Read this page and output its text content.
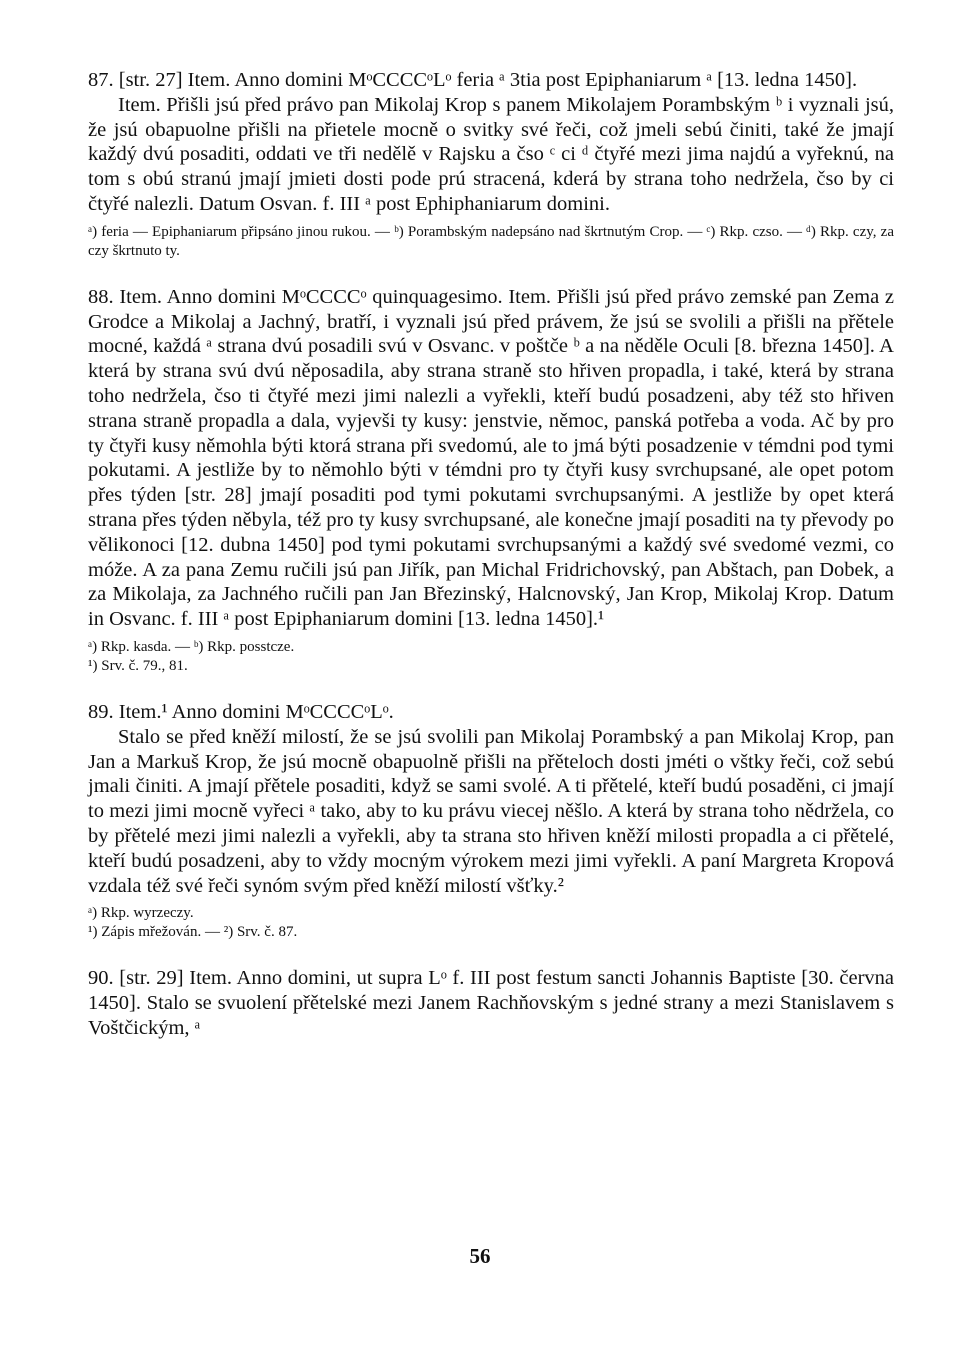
87. [str. 27] Item. Anno domini MᵒCCCCᵒLᵒ feria ᵃ 3tia post Epiphaniarum ᵃ [13. ledna 1450].

Item. Přišli jsú před právo pan Mikolaj Krop s panem Mikolajem Porambským ᵇ i vyznali jsú, že jsú obapuolne přišli na přietele mocně o svitky své řeči, což jmeli sebú činiti, také že jmají každý dvú posaditi, oddati ve tři nedělě v Rajsku a čso ᶜ ci ᵈ čtyřé mezi jima najdú a vyřeknú, na tom s obú stranú jmají jmieti dosti pode prú stracená, kderá by strana toho nedržela, čso by ci čtyřé nalezli. Datum Osvan. f. III ᵃ post Ephiphaniarum domini.

ᵃ) feria — Epiphaniarum připsáno jinou rukou. — ᵇ) Porambským nadepsáno nad škrtnutým Crop. — ᶜ) Rkp. czso. — ᵈ) Rkp. czy, za czy škrtnuto ty.

88. Item. Anno domini MᵒCCCCᵒ quinquagesimo. Item. Přišli jsú před právo zemské pan Zema z Grodce a Mikolaj a Jachný, bratří, i vyznali jsú před právem, že jsú se svolili a přišli na přětele mocné, každá ᵃ strana dvú posadili svú v Osvanc. v poštče ᵇ a na něděle Oculi [8. března 1450]. A která by strana svú dvú něposadila, aby strana straně sto hřiven propadla, i také, která by strana toho nedržela, čso ti čtyřé mezi jimi nalezli a vyřekli, kteří budú posadzeni, aby též sto hřiven strana straně propadla a dala, vyjevši ty kusy: jenstvie, němoc, panská potřeba a voda. Ač by pro ty čtyři kusy němohla býti ktorá strana při svedomú, ale to jmá býti posadzenie v témdni pod tymi pokutami. A jestliže by to němohlo býti v témdni pro ty čtyři kusy svrchupsané, ale opet potom přes týden [str. 28] jmají posaditi pod tymi pokutami svrchupsanými. A jestliže by opet která strana přes týden něbyla, též pro ty kusy svrchupsané, ale konečne jmají posaditi na ty převody po vělikonoci [12. dubna 1450] pod tymi pokutami svrchupsanými a každý své svedomé vezmi, co móže. A za pana Zemu ručili jsú pan Jiřík, pan Michal Fridrichovský, pan Abštach, pan Dobek, a za Mikolaja, za Jachného ručili pan Jan Březinský, Halcnovský, Jan Krop, Mikolaj Krop. Datum in Osvanc. f. III ᵃ post Epiphaniarum domini [13. ledna 1450].¹

ᵃ) Rkp. kasda. — ᵇ) Rkp. posstcze.

¹) Srv. č. 79., 81.

89. Item.¹ Anno domini MᵒCCCCᵒLᵒ.

Stalo se před kněží milostí, že se jsú svolili pan Mikolaj Porambský a pan Mikolaj Krop, pan Jan a Markuš Krop, že jsú mocně obapuolně přišli na přěteloch dosti jméti o vštky řeči, což sebú jmali činiti. A jmají přětele posaditi, když se sami svolé. A ti přětelé, kteří budú posaděni, ci jmají to mezi jimi mocně vyřeci ᵃ tako, aby to ku právu viecej něšlo. A která by strana toho nědržela, co by přětelé mezi jimi nalezli a vyřekli, aby ta strana sto hřiven kněží milosti propadla a ci přětelé, kteří budú posadzeni, aby to vždy mocným výrokem mezi jimi vyřekli. A paní Margreta Kropová vzdala též své řeči synóm svým před kněží milostí všťky.²

ᵃ) Rkp. wyrzeczy.

¹) Zápis mřežován. — ²) Srv. č. 87.

90. [str. 29] Item. Anno domini, ut supra Lᵒ f. III post festum sancti Johannis Baptiste [30. června 1450]. Stalo se svuolení přětelské mezi Janem Rachňovským s jedné strany a mezi Stanislavem s Voštčickým, ᵃ

56
